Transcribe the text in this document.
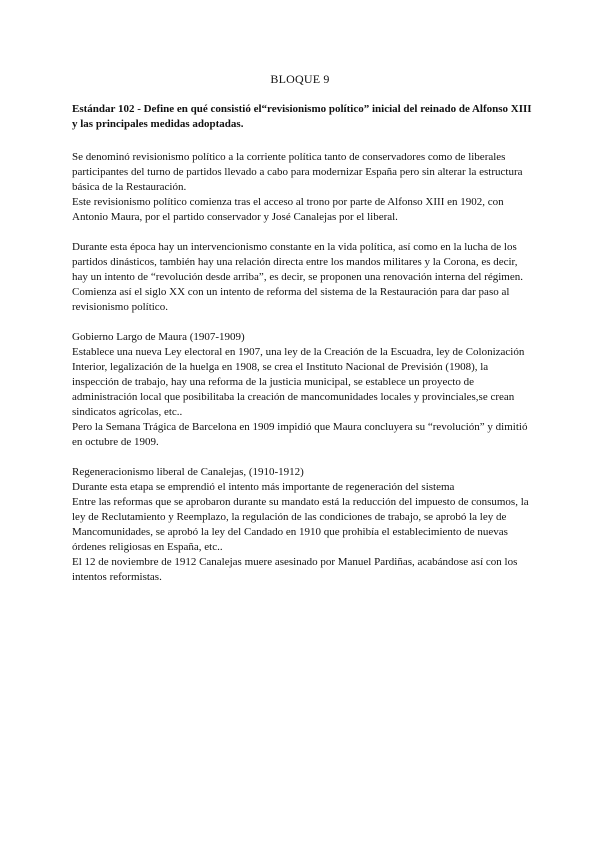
BLOQUE 9

Estándar 102 - Define en qué consistió el“revisionismo político” inicial del reinado de Alfonso XIII y las principales medidas adoptadas.

Se denominó revisionismo político a la corriente política tanto de conservadores como de liberales participantes del turno de partidos llevado a cabo para modernizar España pero sin alterar la estructura básica de la Restauración.

Este revisionismo político comienza tras el acceso al trono por parte de Alfonso XIII en 1902, con Antonio Maura, por el partido conservador y José Canalejas por el liberal.

Durante esta época hay un intervencionismo constante en la vida política, así como en la lucha de los partidos dinásticos, también hay una relación directa entre los mandos militares y la Corona, es decir, hay un intento de “revolución desde arriba”, es decir, se proponen una renovación interna del régimen.

Comienza así el siglo XX con un intento de reforma del sistema de la Restauración para dar paso al revisionismo político.

Gobierno Largo de Maura (1907-1909)

Establece una nueva Ley electoral en 1907, una ley de la Creación de la Escuadra, ley de Colonización Interior, legalización de la huelga en 1908, se crea el Instituto Nacional de Previsión (1908), la inspección de trabajo, hay una reforma de la justicia municipal, se establece un proyecto de administración local que posibilitaba la creación de mancomunidades locales y provinciales,se crean sindicatos agrícolas, etc..

Pero la Semana Trágica de Barcelona en 1909 impidió que Maura concluyera su “revolución” y dimitió en octubre de 1909.

Regeneracionismo liberal de Canalejas, (1910-1912)

Durante esta etapa se emprendió el intento más importante de regeneración del sistema

Entre las reformas que se aprobaron durante su mandato está la reducción del impuesto de consumos, la ley de Reclutamiento y Reemplazo, la regulación de las condiciones de trabajo, se aprobó la ley de Mancomunidades, se aprobó la ley del Candado en 1910 que prohibía el establecimiento de nuevas órdenes religiosas en España, etc..

El 12 de noviembre de 1912 Canalejas muere asesinado por Manuel Pardiñas, acabándose así con los intentos reformistas.
